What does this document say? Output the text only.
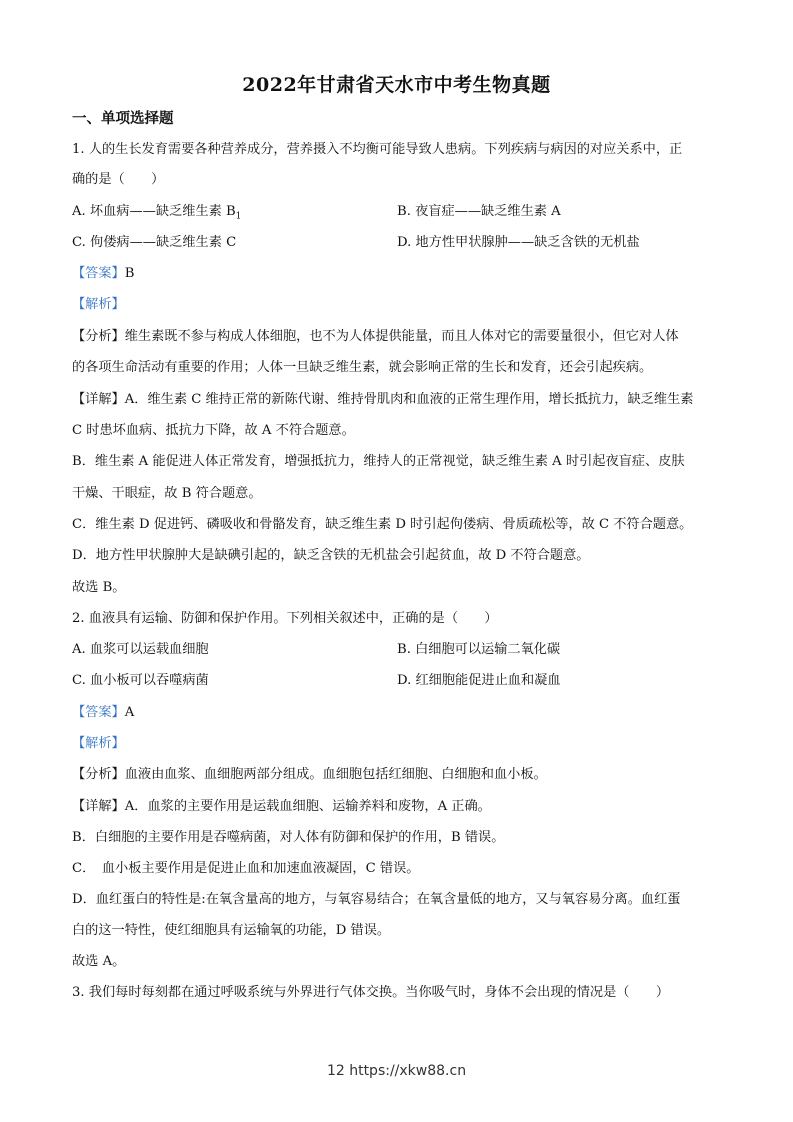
2022年甘肃省天水市中考生物真题
一、单项选择题
1. 人的生长发育需要各种营养成分，营养摄入不均衡可能导致人患病。下列疾病与病因的对应关系中，正
确的是（　　）
A. 坏血病——缺乏维生素 $B_1$	B. 夜盲症——缺乏维生素 A
C. 佝偻病——缺乏维生素 C	D. 地方性甲状腺肿——缺乏含铁的无机盐
【答案】B
【解析】
【分析】维生素既不参与构成人体细胞，也不为人体提供能量，而且人体对它的需要量很小，但它对人体
的各项生命活动有重要的作用；人体一旦缺乏维生素，就会影响正常的生长和发育，还会引起疾病。
【详解】A．维生素 C 维持正常的新陈代谢、维持骨肌肉和血液的正常生理作用，增长抵抗力，缺乏维生素
C 时患坏血病、抵抗力下降，故 A 不符合题意。
B．维生素 A 能促进人体正常发育，增强抵抗力，维持人的正常视觉，缺乏维生素 A 时引起夜盲症、皮肤
干燥、干眼症，故 B 符合题意。
C．维生素 D 促进钙、磷吸收和骨骼发育，缺乏维生素 D 时引起佝偻病、骨质疏松等，故 C 不符合题意。
D．地方性甲状腺肿大是缺碘引起的，缺乏含铁的无机盐会引起贫血，故 D 不符合题意。
故选 B。
2. 血液具有运输、防御和保护作用。下列相关叙述中，正确的是（　　）
A. 血浆可以运载血细胞	B. 白细胞可以运输二氧化碳
C. 血小板可以吞噬病菌	D. 红细胞能促进止血和凝血
【答案】A
【解析】
【分析】血液由血浆、血细胞两部分组成。血细胞包括红细胞、白细胞和血小板。
【详解】A．血浆的主要作用是运载血细胞、运输养料和废物，A 正确。
B．白细胞的主要作用是吞噬病菌，对人体有防御和保护的作用，B 错误。
C．　血小板主要作用是促进止血和加速血液凝固，C 错误。
D．血红蛋白的特性是:在氧含量高的地方，与氧容易结合；在氧含量低的地方，又与氧容易分离。血红蛋
白的这一特性，使红细胞具有运输氧的功能，D 错误。
故选 A。
3. 我们每时每刻都在通过呼吸系统与外界进行气体交换。当你吸气时，身体不会出现的情况是（　　）
12 https://xkw88.cn
